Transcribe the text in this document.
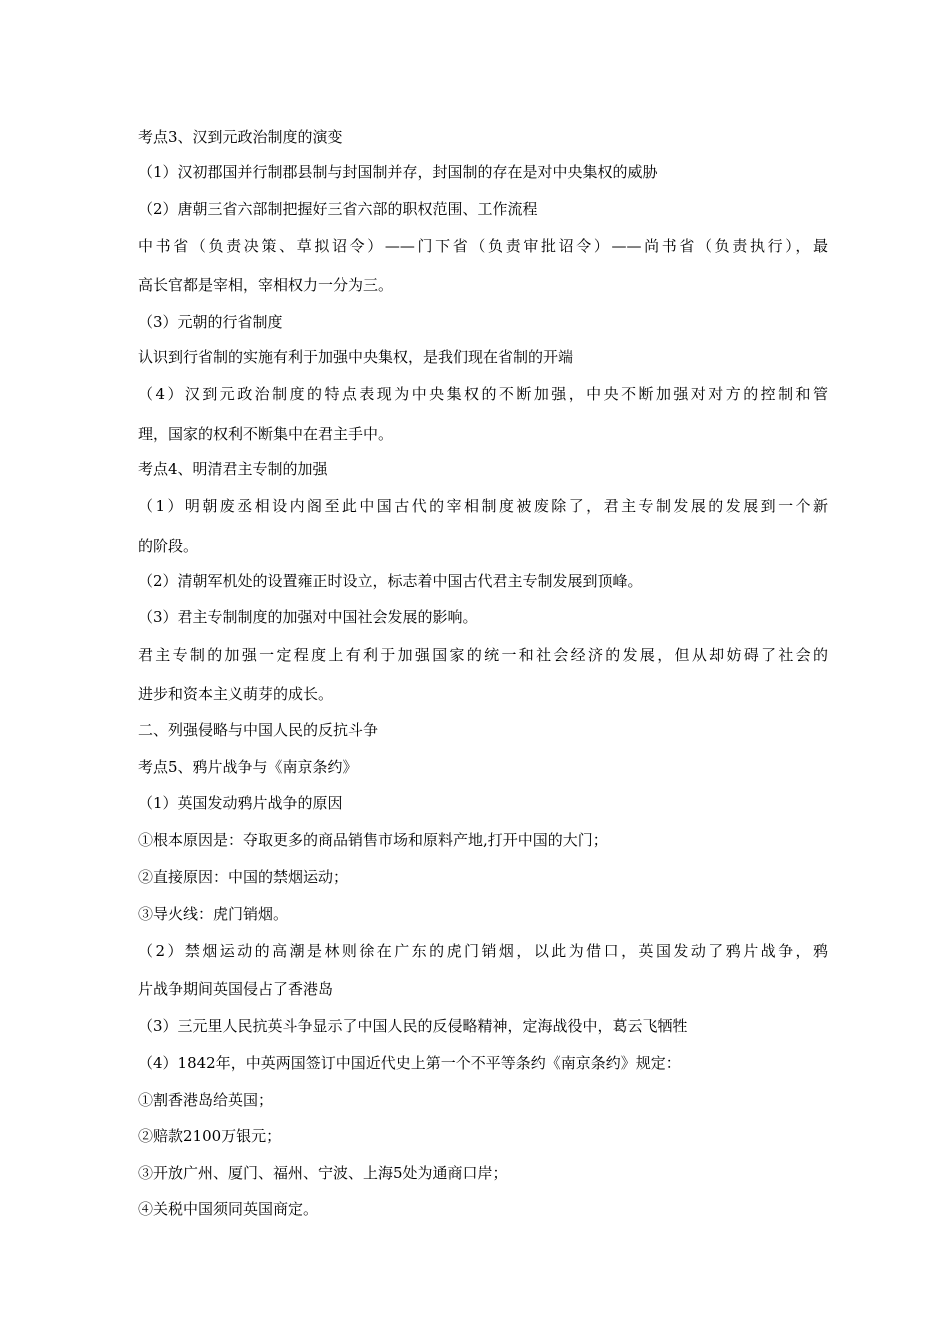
考点3、汉到元政治制度的演变
（1）汉初郡国并行制郡县制与封国制并存，封国制的存在是对中央集权的威胁
（2）唐朝三省六部制把握好三省六部的职权范围、工作流程
中书省（负责决策、草拟诏令）——门下省（负责审批诏令）——尚书省（负责执行），最
高长官都是宰相，宰相权力一分为三。
（3）元朝的行省制度
认识到行省制的实施有利于加强中央集权，是我们现在省制的开端
（4）汉到元政治制度的特点表现为中央集权的不断加强，中央不断加强对对方的控制和管
理，国家的权利不断集中在君主手中。
考点4、明清君主专制的加强
（1）明朝废丞相设内阁至此中国古代的宰相制度被废除了，君主专制发展的发展到一个新
的阶段。
（2）清朝军机处的设置雍正时设立，标志着中国古代君主专制发展到顶峰。
（3）君主专制制度的加强对中国社会发展的影响。
君主专制的加强一定程度上有利于加强国家的统一和社会经济的发展，但从却妨碍了社会的
进步和资本主义萌芽的成长。
二、列强侵略与中国人民的反抗斗争
考点5、鸦片战争与《南京条约》
（1）英国发动鸦片战争的原因
①根本原因是：夺取更多的商品销售市场和原料产地,打开中国的大门；
②直接原因：中国的禁烟运动；
③导火线：虎门销烟。
（2）禁烟运动的高潮是林则徐在广东的虎门销烟，以此为借口，英国发动了鸦片战争，鸦
片战争期间英国侵占了香港岛
（3）三元里人民抗英斗争显示了中国人民的反侵略精神，定海战役中，葛云飞牺牲
（4）1842年，中英两国签订中国近代史上第一个不平等条约《南京条约》规定：
①割香港岛给英国；
②赔款2100万银元；
③开放广州、厦门、福州、宁波、上海5处为通商口岸；
④关税中国须同英国商定。
